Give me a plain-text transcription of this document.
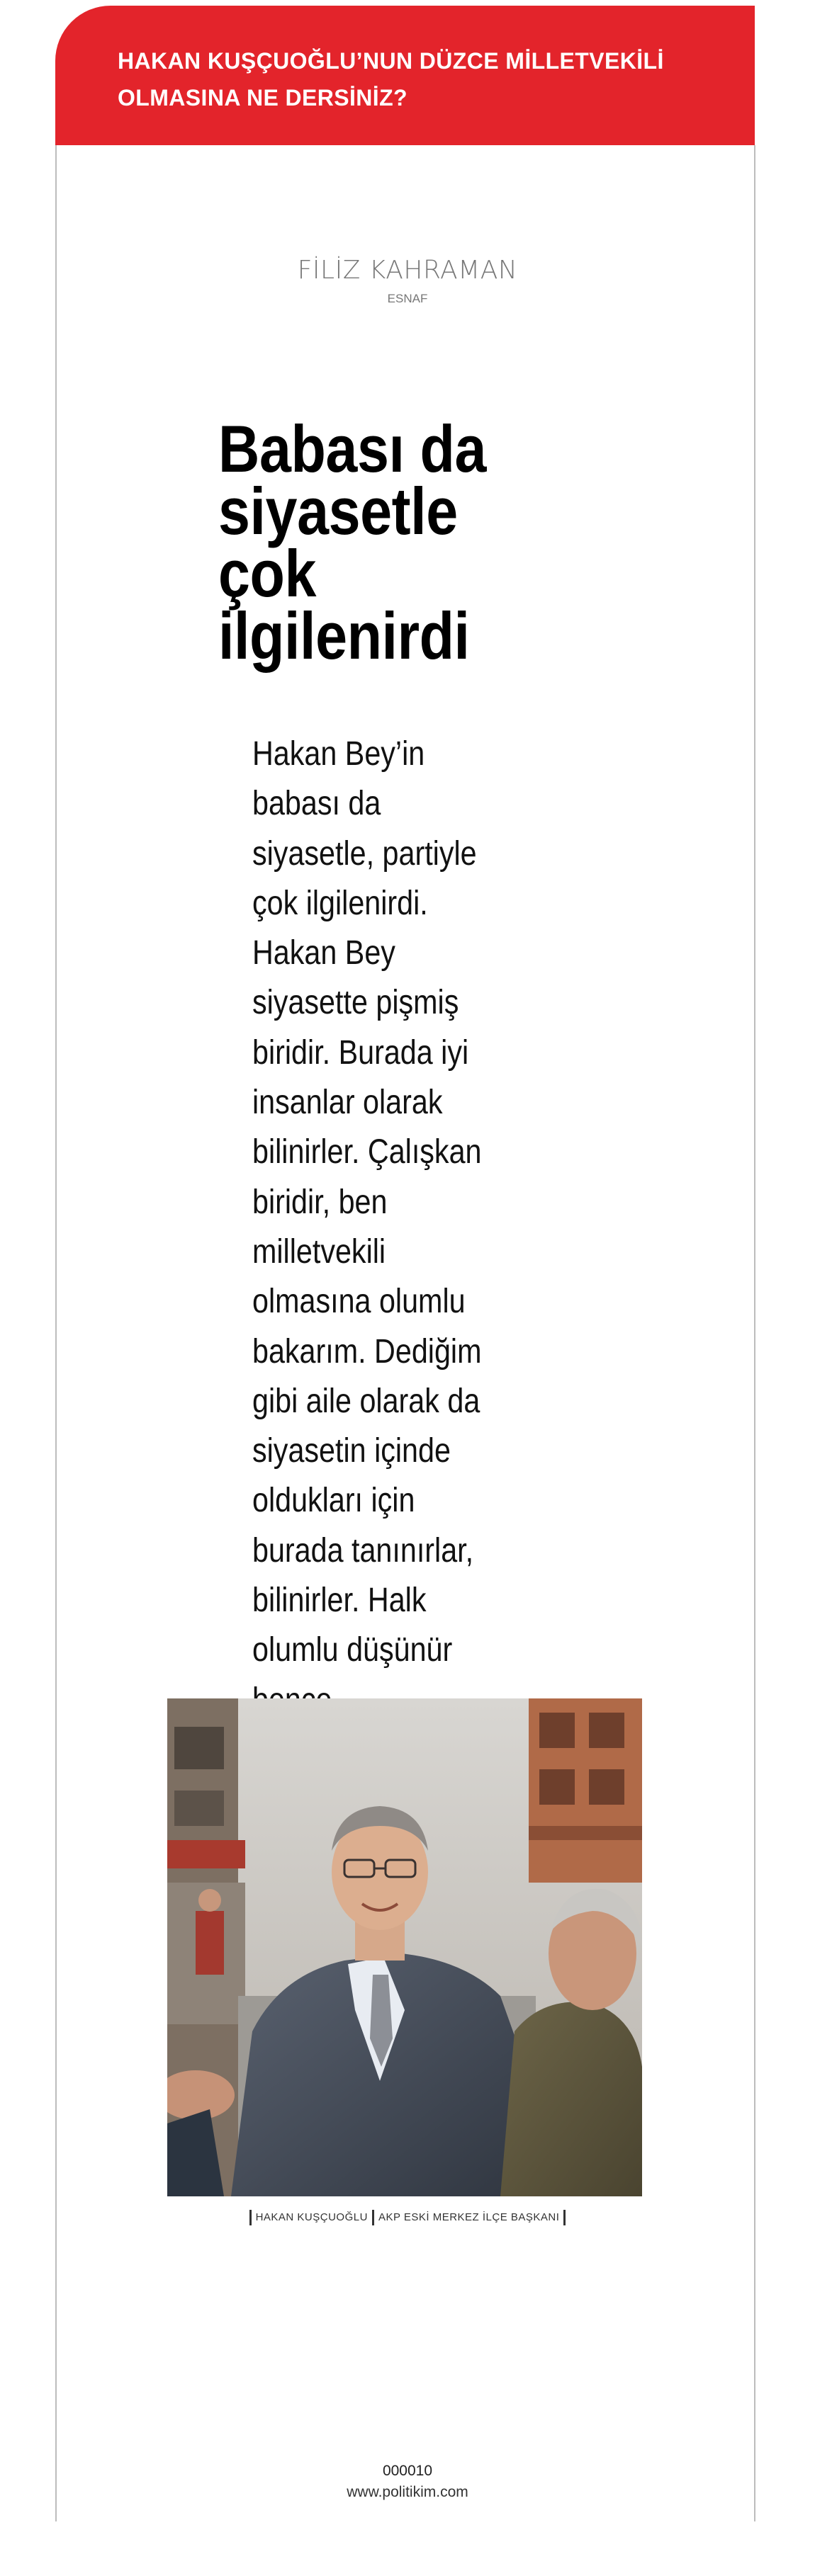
HAKAN KUŞÇUOĞLU’NUN DÜZCE MİLLETVEKİLİ OLMASINA NE DERSİNİZ?

FİLİZ KAHRAMAN
ESNAF
Babası da siyasetle çok ilgilenirdi

Hakan Bey’in babası da siyasetle, partiyle çok ilgilenirdi. Hakan Bey siyasette pişmiş biridir. Burada iyi insanlar olarak bilinirler. Çalışkan biridir, ben milletvekili olmasına olumlu bakarım. Dediğim gibi aile olarak da siyasetin içinde oldukları için burada tanınırlar, bilinirler. Halk olumlu düşünür

HAKAN KUŞÇUOĞLU AKP ESKİ MERKEZ İLÇE BAŞKANI
000010
www.politikim.com
